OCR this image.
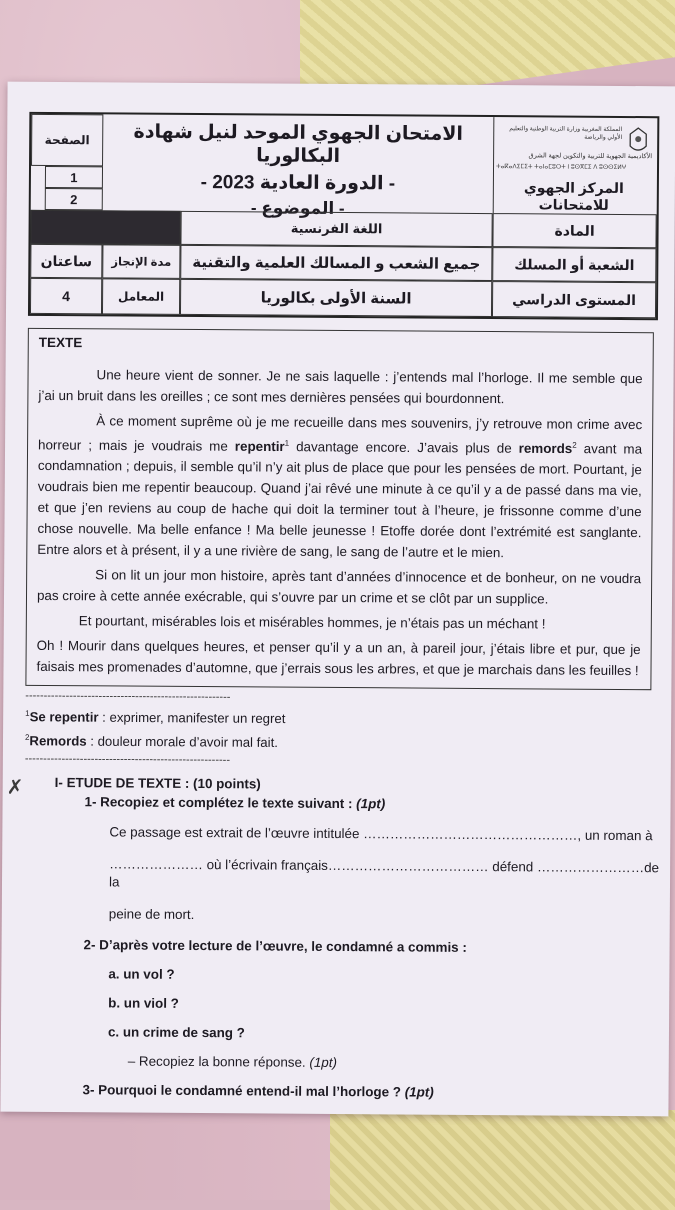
الصفحة
1
2
الامتحان الجهوي الموحد لنيل شهادة البكالوريا
- الدورة العادية 2023 -
- الموضوع -
المملكة المغربية وزارة التربية الوطنية والتعليم الأولي والرياضة
الأكاديمية الجهوية للتربية والتكوين لجهة الشرق
ⵜⴰⴽⴰⴷⵉⵎⵉⵜ ⵜⴰⵏⴰⵎⵓⵔⵜ ⵏ ⵓⵙⴳⵎⵉ ⴷ ⵓⵙⵙⵉⵍⵖ
المركز الجهوي للامتحانات
اللغة الفرنسية	المادة
ساعتان	مدة الإنجاز	جميع الشعب و المسالك العلمية والتقنية	الشعبة أو المسلك
4	المعامل	السنة الأولى بكالوريا	المستوى الدراسي

TEXTE

Une heure vient de sonner. Je ne sais laquelle : j’entends mal l’horloge. Il me semble que j’ai un bruit dans les oreilles ; ce sont mes dernières pensées qui bourdonnent.

À ce moment suprême où je me recueille dans mes souvenirs, j’y retrouve mon crime avec horreur ; mais je voudrais me repentir$^1$ davantage encore. J’avais plus de remords$^2$ avant ma condamnation ; depuis, il semble qu’il n’y ait plus de place que pour les pensées de mort. Pourtant, je voudrais bien me repentir beaucoup. Quand j’ai rêvé une minute à ce qu’il y a de passé dans ma vie, et que j’en reviens au coup de hache qui doit la terminer tout à l’heure, je frissonne comme d’une chose nouvelle. Ma belle enfance ! Ma belle jeunesse ! Etoffe dorée dont l’extrémité est sanglante. Entre alors et à présent, il y a une rivière de sang, le sang de l’autre et le mien.

Si on lit un jour mon histoire, après tant d’années d’innocence et de bonheur, on ne voudra pas croire à cette année exécrable, qui s’ouvre par un crime et se clôt par un supplice.

Et pourtant, misérables lois et misérables hommes, je n’étais pas un méchant !

Oh ! Mourir dans quelques heures, et penser qu’il y a un an, à pareil jour, j’étais libre et pur, que je faisais mes promenades d’automne, que j’errais sous les arbres, et que je marchais dans les feuilles !

--------------------------------------------------------

$^1$Se repentir : exprimer, manifester un regret

$^2$Remords : douleur morale d’avoir mal fait.

--------------------------------------------------------
✗ I- ETUDE DE TEXTE : (10 points)

1- Recopiez et complétez le texte suivant : (1pt)

Ce passage est extrait de l’œuvre intitulée …………………………………………, un roman à

………………… où l’écrivain français……………………………… défend ……………………de la

peine de mort.

2- D’après votre lecture de l’œuvre, le condamné a commis :

a. un vol ?

b. un viol ?

c. un crime de sang ?

– Recopiez la bonne réponse. (1pt)

3- Pourquoi le condamné entend-il mal l’horloge ? (1pt)
